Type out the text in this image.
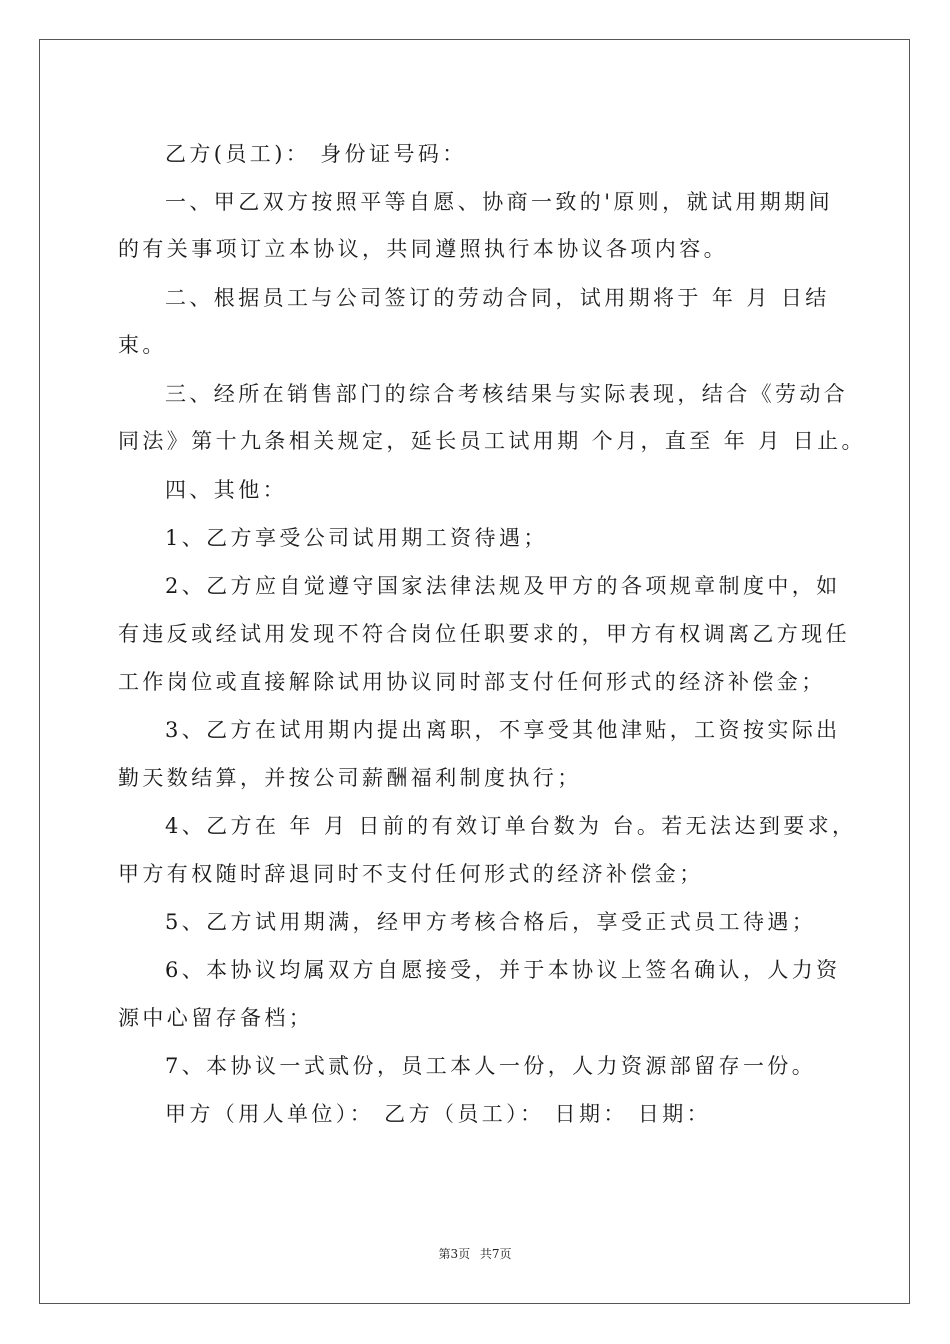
乙方(员工)： 身份证号码：
一、甲乙双方按照平等自愿、协商一致的'原则，就试用期期间
的有关事项订立本协议，共同遵照执行本协议各项内容。
二、根据员工与公司签订的劳动合同，试用期将于 年 月 日结
束。
三、经所在销售部门的综合考核结果与实际表现，结合《劳动合
同法》第十九条相关规定，延长员工试用期 个月，直至 年 月 日止。
四、其他：
1、乙方享受公司试用期工资待遇；
2、乙方应自觉遵守国家法律法规及甲方的各项规章制度中，如
有违反或经试用发现不符合岗位任职要求的，甲方有权调离乙方现任
工作岗位或直接解除试用协议同时部支付任何形式的经济补偿金；
3、乙方在试用期内提出离职，不享受其他津贴，工资按实际出
勤天数结算，并按公司薪酬福利制度执行；
4、乙方在 年 月 日前的有效订单台数为 台。若无法达到要求，
甲方有权随时辞退同时不支付任何形式的经济补偿金；
5、乙方试用期满，经甲方考核合格后，享受正式员工待遇；
6、本协议均属双方自愿接受，并于本协议上签名确认，人力资
源中心留存备档；
7、本协议一式贰份，员工本人一份，人力资源部留存一份。
甲方（用人单位）： 乙方（员工）： 日期： 日期：
第3页 共7页
